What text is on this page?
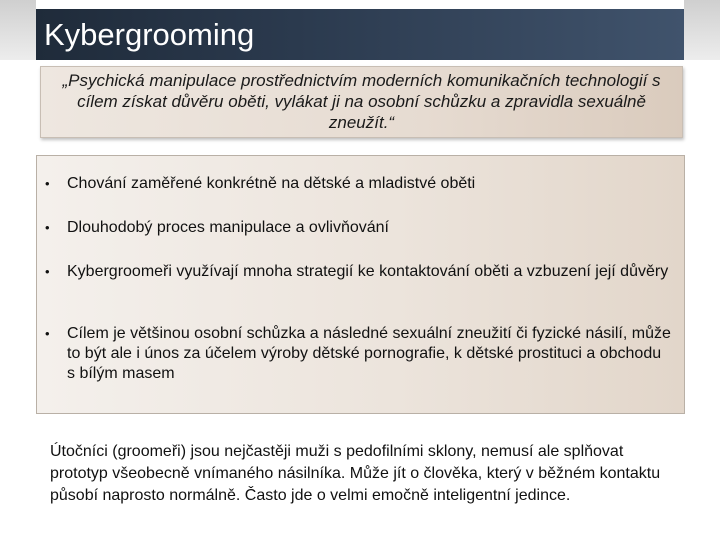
Kybergrooming
„Psychická manipulace prostřednictvím moderních komunikačních technologií s cílem získat důvěru oběti, vylákat ji na osobní schůzku a zpravidla sexuálně zneužít.“
• Chování zaměřené konkrétně na dětské a mladistvé oběti
• Dlouhodobý proces manipulace a ovlivňování
• Kybergroomeři využívají mnoha strategií ke kontaktování oběti a vzbuzení její důvěry
• Cílem je většinou osobní schůzka a následné sexuální zneužití či fyzické násilí, může to být ale i únos za účelem výroby dětské pornografie, k dětské prostituci a obchodu s bílým masem
Útočníci (groomeři) jsou nejčastěji muži s pedofilními sklony, nemusí ale splňovat prototyp všeobecně vnímaného násilníka. Může jít o člověka, který v běžném kontaktu působí naprosto normálně. Často jde o velmi emočně inteligentní jedince.
